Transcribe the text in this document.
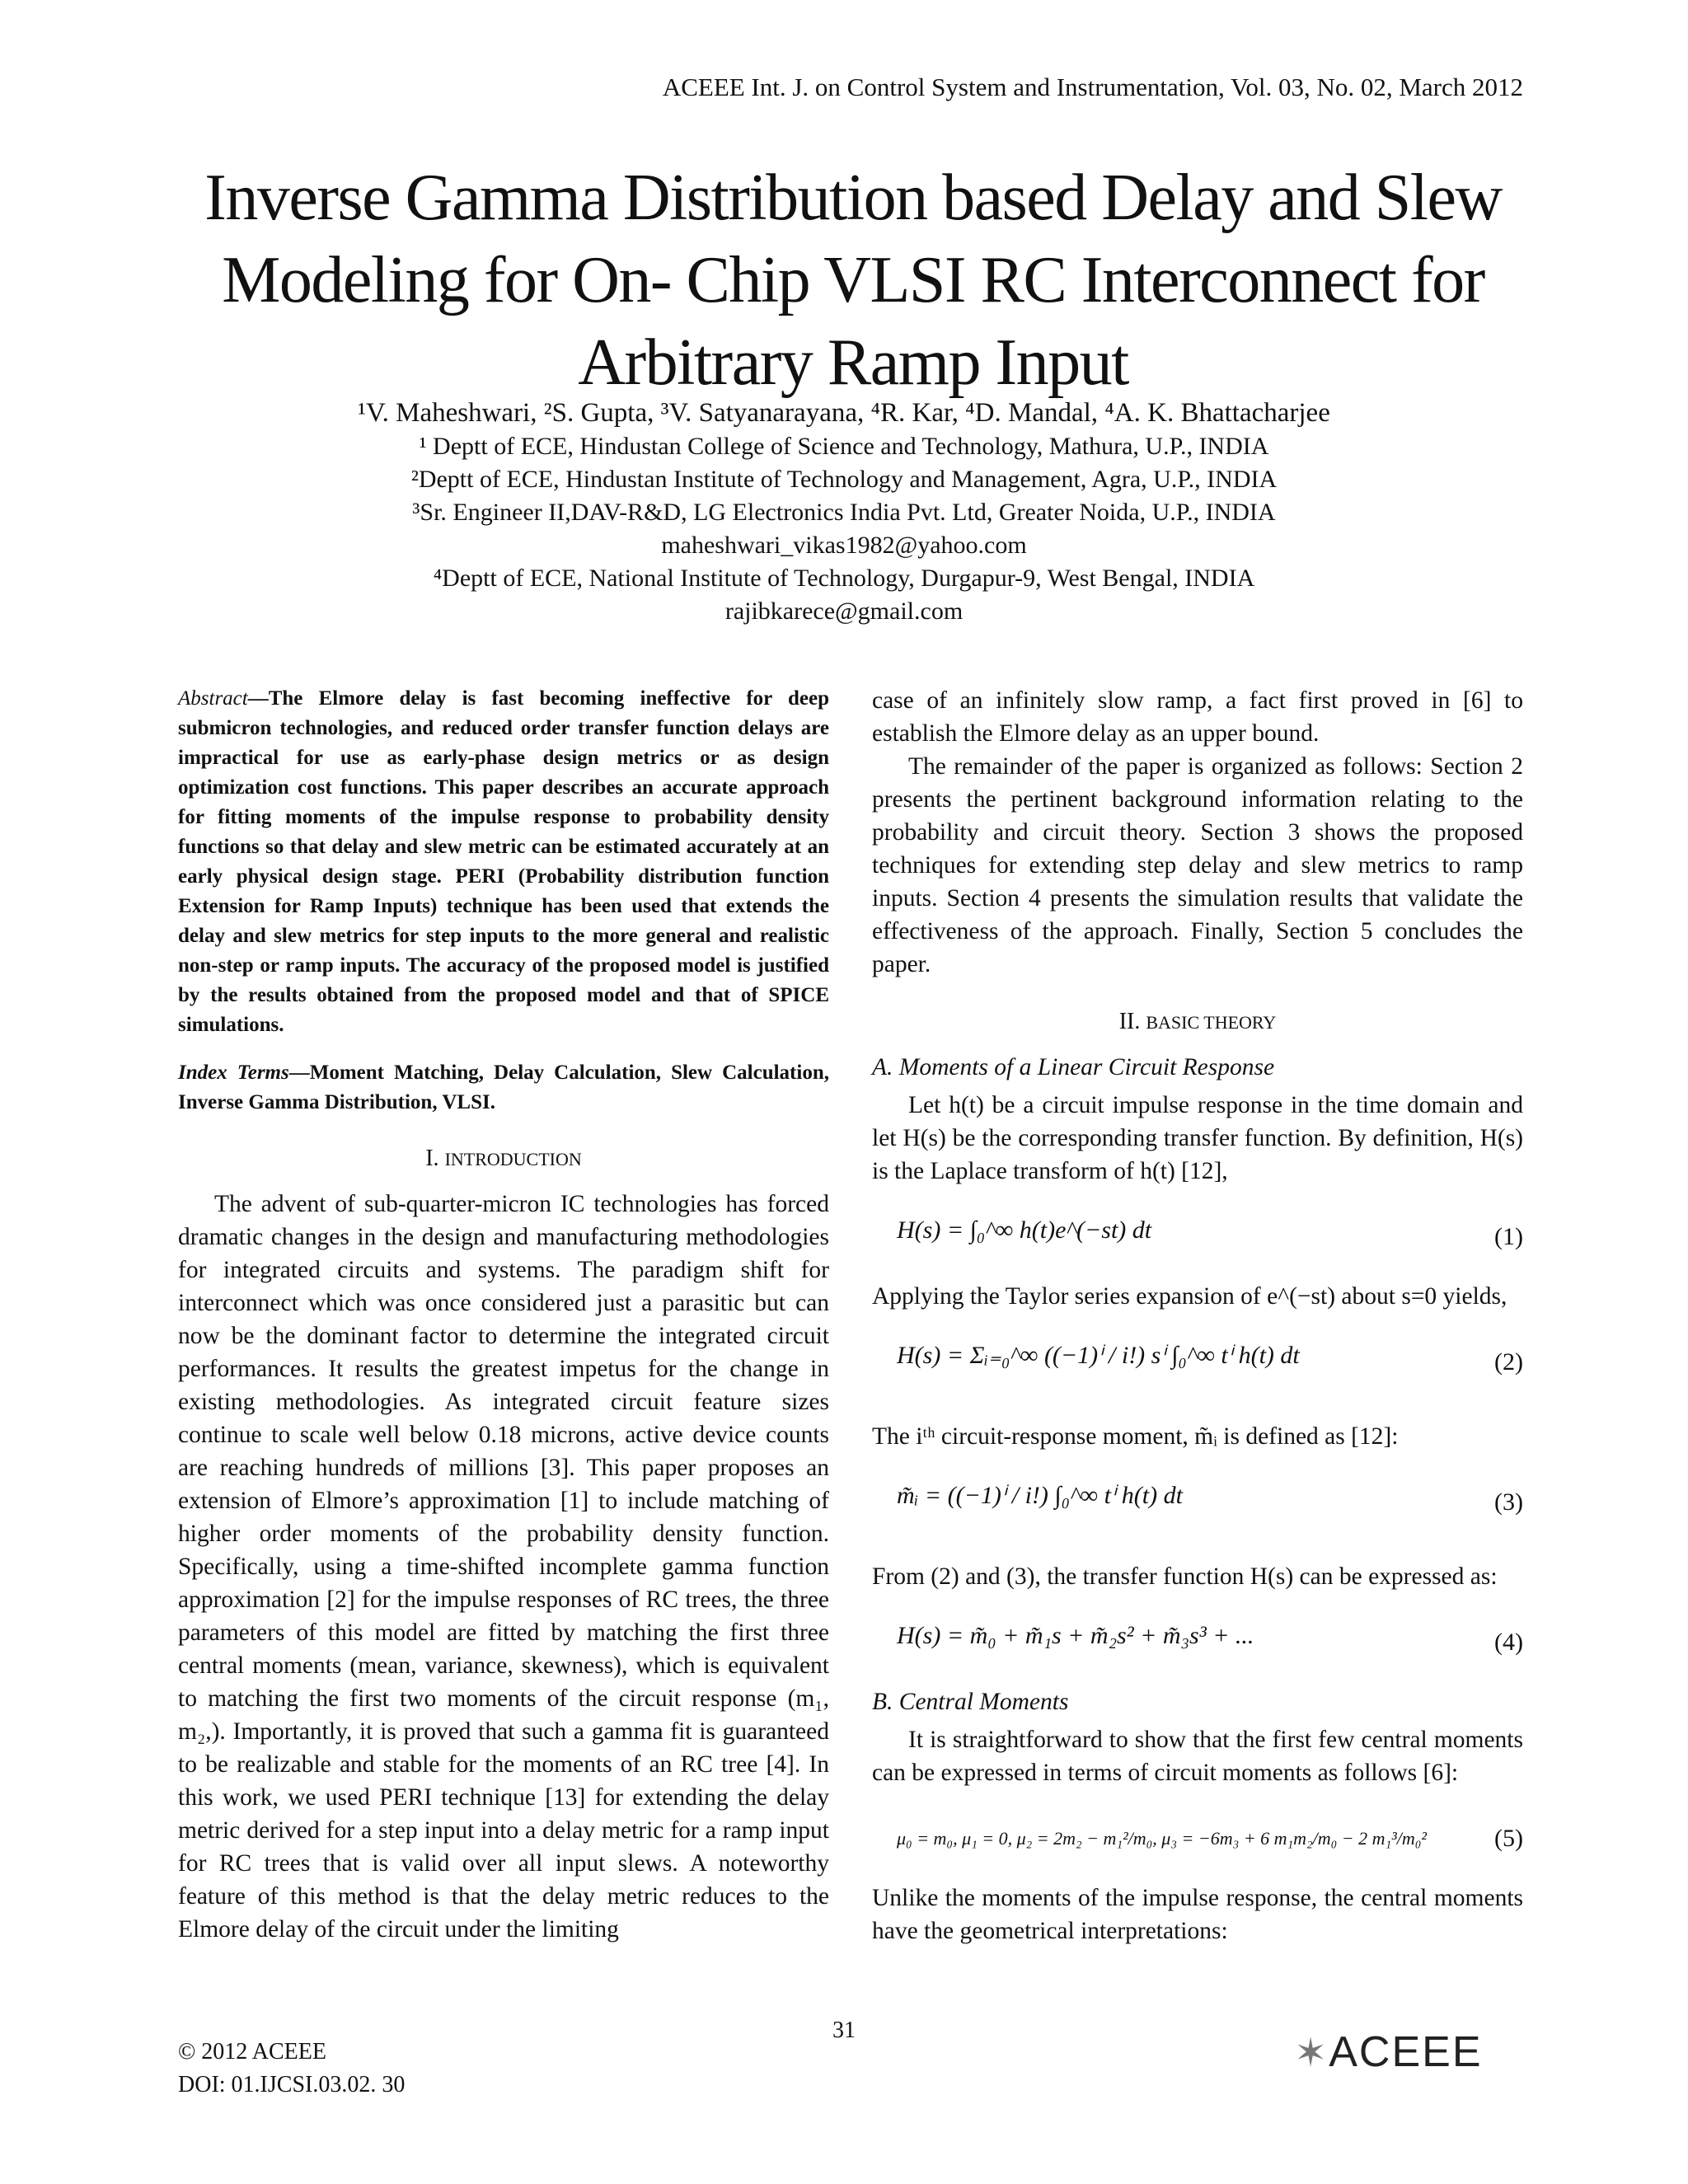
ACEEE Int. J. on Control System and Instrumentation, Vol. 03, No. 02, March 2012
Inverse Gamma Distribution based Delay and Slew
Modeling for On- Chip VLSI RC Interconnect for
Arbitrary Ramp Input
¹V. Maheshwari, ²S. Gupta, ³V. Satyanarayana, ⁴R. Kar, ⁴D. Mandal, ⁴A. K. Bhattacharjee
¹ Deptt of ECE, Hindustan College of Science and Technology, Mathura, U.P., INDIA
²Deptt of ECE, Hindustan Institute of Technology and Management, Agra, U.P., INDIA
³Sr. Engineer II,DAV-R&D, LG Electronics India Pvt. Ltd, Greater Noida, U.P., INDIA
maheshwari_vikas1982@yahoo.com
⁴Deptt of ECE, National Institute of Technology, Durgapur-9, West Bengal, INDIA
rajibkarece@gmail.com
Abstract—The Elmore delay is fast becoming ineffective for deep submicron technologies, and reduced order transfer function delays are impractical for use as early-phase design metrics or as design optimization cost functions. This paper describes an accurate approach for fitting moments of the impulse response to probability density functions so that delay and slew metric can be estimated accurately at an early physical design stage. PERI (Probability distribution function Extension for Ramp Inputs) technique has been used that extends the delay and slew metrics for step inputs to the more general and realistic non-step or ramp inputs. The accuracy of the proposed model is justified by the results obtained from the proposed model and that of SPICE simulations.
Index Terms—Moment Matching, Delay Calculation, Slew Calculation, Inverse Gamma Distribution, VLSI.
I. INTRODUCTION
The advent of sub-quarter-micron IC technologies has forced dramatic changes in the design and manufacturing methodologies for integrated circuits and systems. The paradigm shift for interconnect which was once considered just a parasitic but can now be the dominant factor to determine the integrated circuit performances. It results the greatest impetus for the change in existing methodologies. As integrated circuit feature sizes continue to scale well below 0.18 microns, active device counts are reaching hundreds of millions [3]. This paper proposes an extension of Elmore’s approximation [1] to include matching of higher order moments of the probability density function. Specifically, using a time-shifted incomplete gamma function approximation [2] for the impulse responses of RC trees, the three parameters of this model are fitted by matching the first three central moments (mean, variance, skewness), which is equivalent to matching the first two moments of the circuit response (m₁, m₂,). Importantly, it is proved that such a gamma fit is guaranteed to be realizable and stable for the moments of an RC tree [4]. In this work, we used PERI technique [13] for extending the delay metric derived for a step input into a delay metric for a ramp input for RC trees that is valid over all input slews. A noteworthy feature of this method is that the delay metric reduces to the Elmore delay of the circuit under the limiting
case of an infinitely slow ramp, a fact first proved in [6] to establish the Elmore delay as an upper bound.
The remainder of the paper is organized as follows: Section 2 presents the pertinent background information relating to the probability and circuit theory. Section 3 shows the proposed techniques for extending step delay and slew metrics to ramp inputs. Section 4 presents the simulation results that validate the effectiveness of the approach. Finally, Section 5 concludes the paper.
II. BASIC THEORY
A. Moments of a Linear Circuit Response
Let h(t) be a circuit impulse response in the time domain and let H(s) be the corresponding transfer function. By definition, H(s) is the Laplace transform of h(t) [12],
H(s) = ∫₀^∞ h(t)e^(−st) dt	(1)
Applying the Taylor series expansion of e^(−st) about s=0 yields,
H(s) = Σᵢ₌₀^∞ ((−1)ⁱ / i!) sⁱ ∫₀^∞ tⁱ h(t) dt	(2)
The iᵗʰ circuit-response moment, m̃ᵢ is defined as [12]:
m̃ᵢ = ((−1)ⁱ / i!) ∫₀^∞ tⁱ h(t) dt	(3)
From (2) and (3), the transfer function H(s) can be expressed as:
H(s) = m̃₀ + m̃₁s + m̃₂s² + m̃₃s³ + ...	(4)
B. Central Moments
It is straightforward to show that the first few central moments can be expressed in terms of circuit moments as follows [6]:
μ₀ = m₀, μ₁ = 0, μ₂ = 2m₂ − m₁²/m₀, μ₃ = −6m₃ + 6 m₁m₂/m₀ − 2 m₁³/m₀²	(5)
Unlike the moments of the impulse response, the central moments have the geometrical interpretations:
© 2012 ACEEE
DOI: 01.IJCSI.03.02. 30
31
✶ACEEE
